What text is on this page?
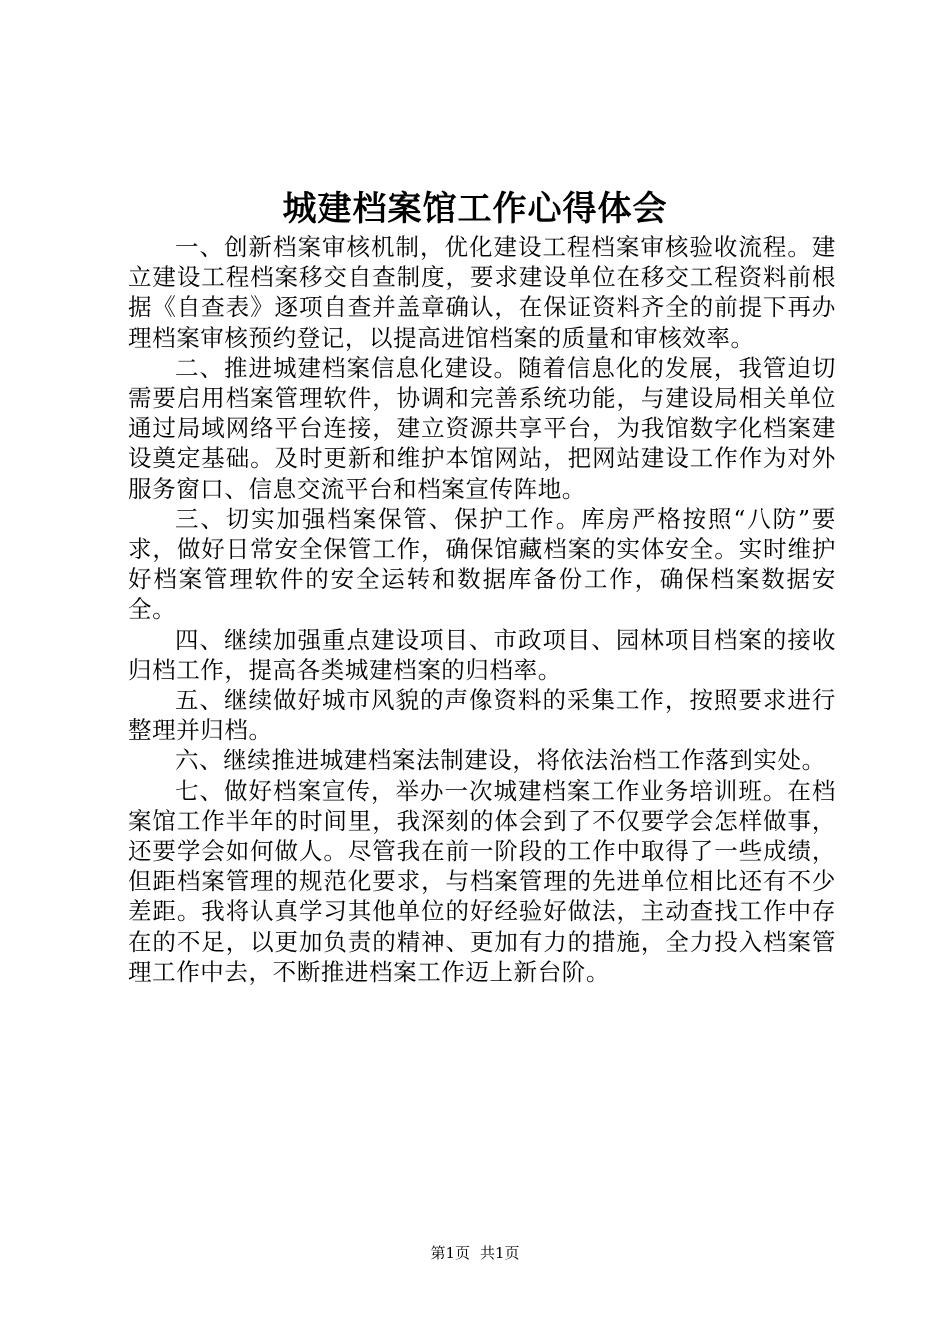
城建档案馆工作心得体会

一、创新档案审核机制，优化建设工程档案审核验收流程。建立建设工程档案移交自查制度，要求建设单位在移交工程资料前根据《自查表》逐项自查并盖章确认，在保证资料齐全的前提下再办理档案审核预约登记，以提高进馆档案的质量和审核效率。

二、推进城建档案信息化建设。随着信息化的发展，我管迫切需要启用档案管理软件，协调和完善系统功能，与建设局相关单位通过局域网络平台连接，建立资源共享平台，为我馆数字化档案建设奠定基础。及时更新和维护本馆网站，把网站建设工作作为对外服务窗口、信息交流平台和档案宣传阵地。

三、切实加强档案保管、保护工作。库房严格按照“八防”要求，做好日常安全保管工作，确保馆藏档案的实体安全。实时维护好档案管理软件的安全运转和数据库备份工作，确保档案数据安全。

四、继续加强重点建设项目、市政项目、园林项目档案的接收归档工作，提高各类城建档案的归档率。

五、继续做好城市风貌的声像资料的采集工作，按照要求进行整理并归档。

六、继续推进城建档案法制建设，将依法治档工作落到实处。

七、做好档案宣传，举办一次城建档案工作业务培训班。在档案馆工作半年的时间里，我深刻的体会到了不仅要学会怎样做事，还要学会如何做人。尽管我在前一阶段的工作中取得了一些成绩，但距档案管理的规范化要求，与档案管理的先进单位相比还有不少差距。我将认真学习其他单位的好经验好做法，主动查找工作中存在的不足，以更加负责的精神、更加有力的措施，全力投入档案管理工作中去，不断推进档案工作迈上新台阶。

第1页 共1页
